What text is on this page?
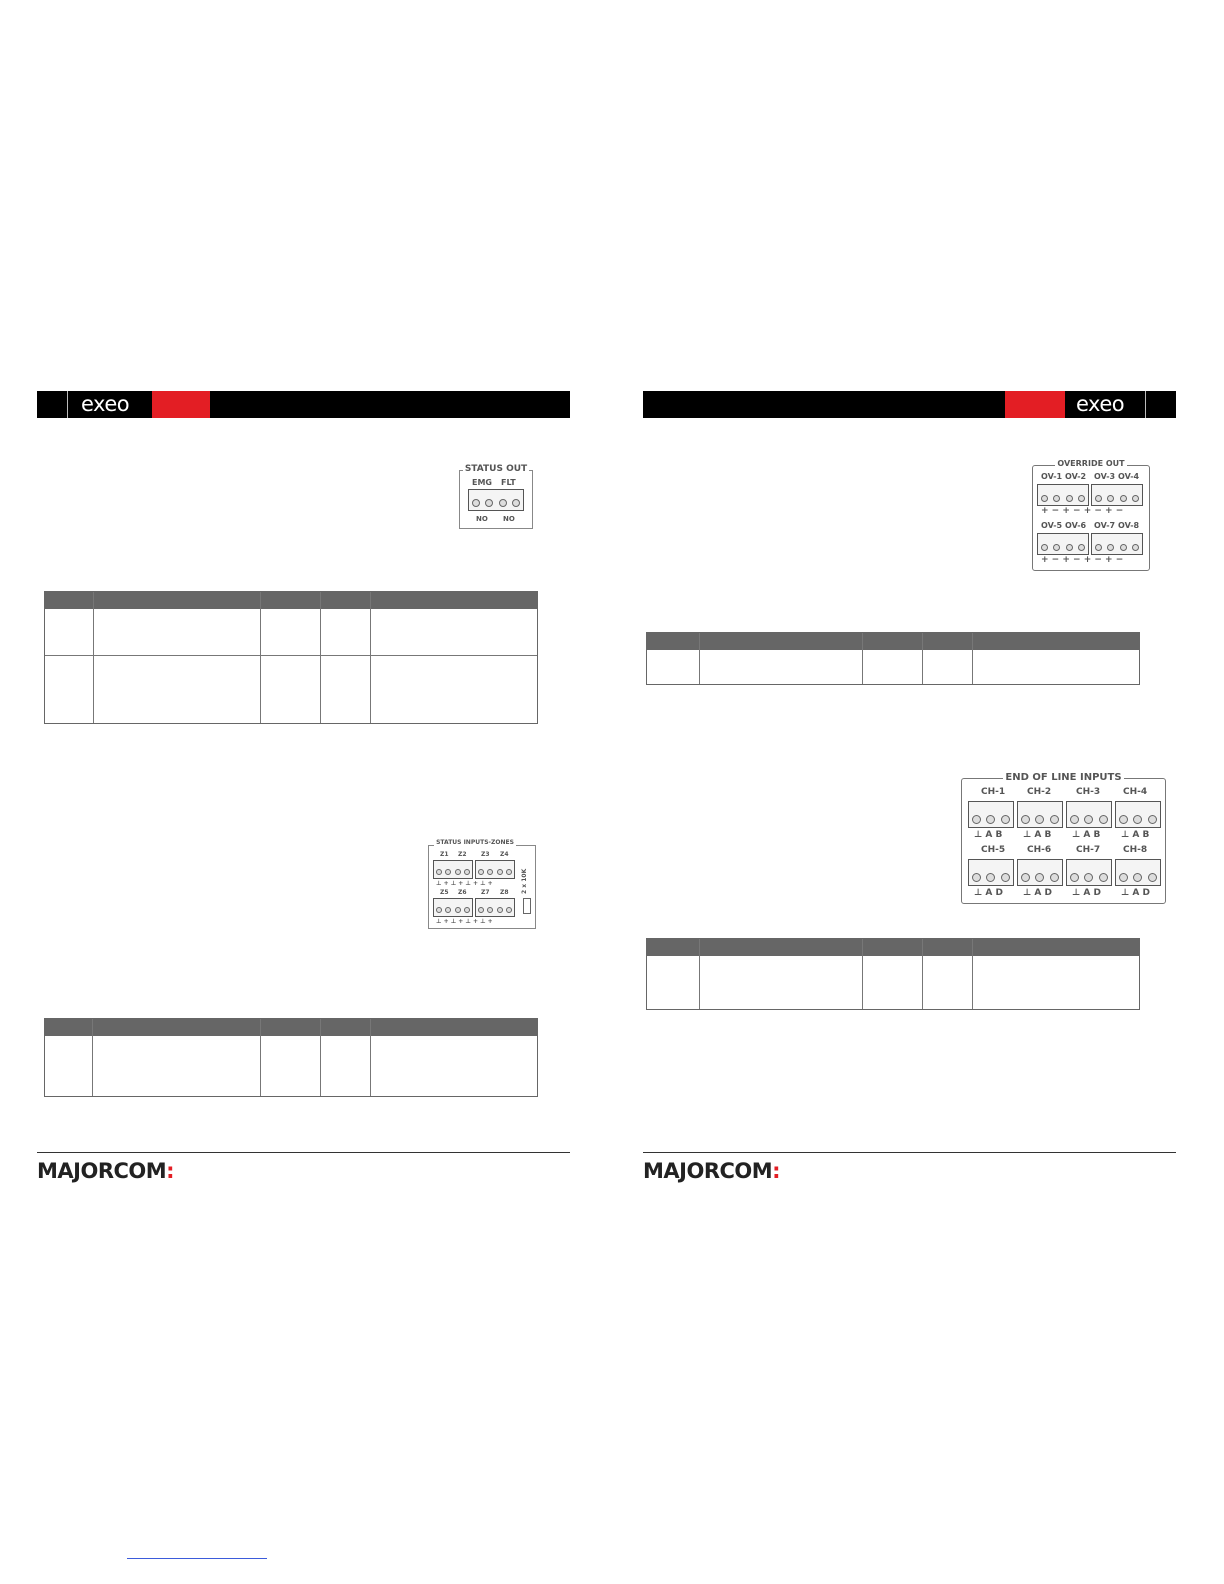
exeo
STATUS OUT
EMG FLT
NO NO
STATUS INPUTS-ZONES
Z1 Z2 Z3 Z4
⊥ + ⊥ + ⊥ + ⊥ +
Z5 Z6 Z7 Z8
⊥ + ⊥ + ⊥ + ⊥ +
2 x 10K
MAJORCOM:
exeo
OVERRIDE OUT
OV-1 OV-2 OV-3 OV-4
+ − + − + − + −
OV-5 OV-6 OV-7 OV-8
+ − + − + − + −
END OF LINE INPUTS
CH-1 CH-2	CH-3	CH-4
⊥ A B ⊥ A B ⊥ A B ⊥ A B
CH-5 CH-6	CH-7	CH-8
⊥ A D ⊥ A D ⊥ A D ⊥ A D
MAJORCOM:
